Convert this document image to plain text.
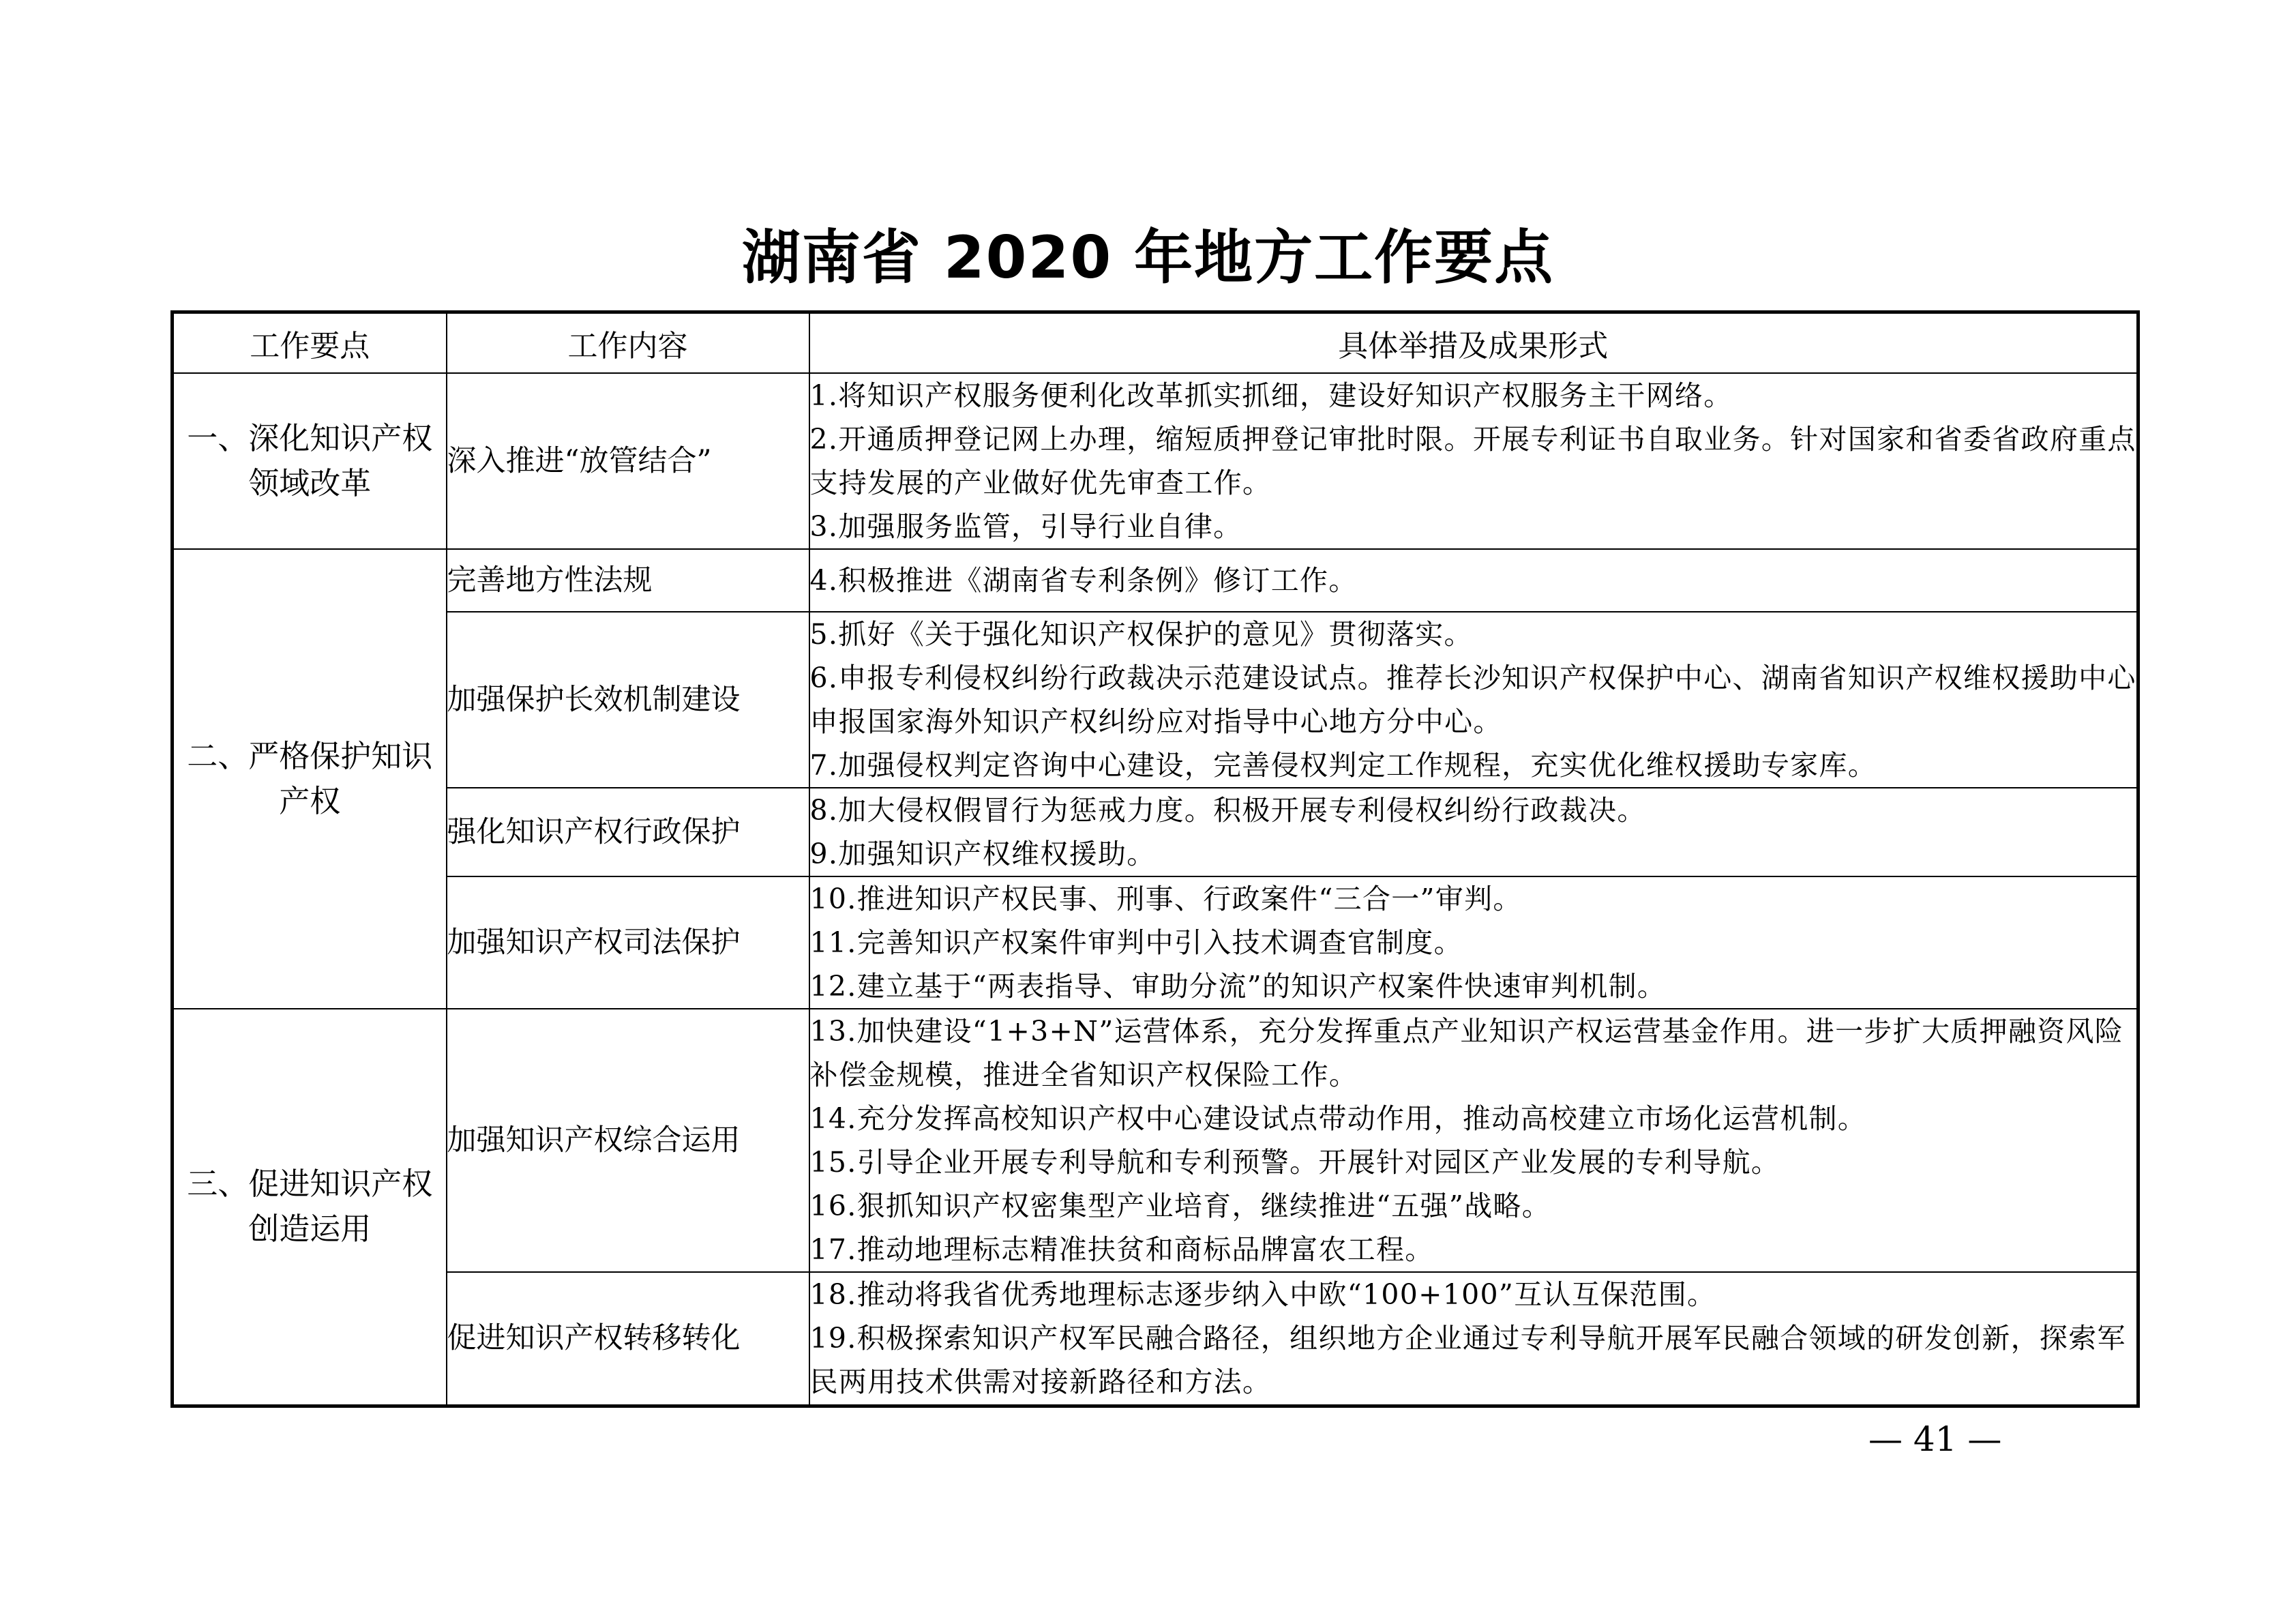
湖南省 2020 年地方工作要点
工作要点	工作内容	具体举措及成果形式
一、深化知识产权领域改革	深入推进“放管结合”	1.将知识产权服务便利化改革抓实抓细，建设好知识产权服务主干网络。
2.开通质押登记网上办理，缩短质押登记审批时限。开展专利证书自取业务。针对国家和省委省政府重点支持发展的产业做好优先审查工作。
3.加强服务监管，引导行业自律。

二、严格保护知识产权	完善地方性法规	4.积极推进《湖南省专利条例》修订工作。

	加强保护长效机制建设	5.抓好《关于强化知识产权保护的意见》贯彻落实。
6.申报专利侵权纠纷行政裁决示范建设试点。推荐长沙知识产权保护中心、湖南省知识产权维权援助中心申报国家海外知识产权纠纷应对指导中心地方分中心。
7.加强侵权判定咨询中心建设，完善侵权判定工作规程，充实优化维权援助专家库。

	强化知识产权行政保护	8.加大侵权假冒行为惩戒力度。积极开展专利侵权纠纷行政裁决。
9.加强知识产权维权援助。

	加强知识产权司法保护	10.推进知识产权民事、刑事、行政案件“三合一”审判。
11.完善知识产权案件审判中引入技术调查官制度。
12.建立基于“两表指导、审助分流”的知识产权案件快速审判机制。

三、促进知识产权创造运用	加强知识产权综合运用	13.加快建设“1+3+N”运营体系，充分发挥重点产业知识产权运营基金作用。进一步扩大质押融资风险补偿金规模，推进全省知识产权保险工作。
14.充分发挥高校知识产权中心建设试点带动作用，推动高校建立市场化运营机制。
15.引导企业开展专利导航和专利预警。开展针对园区产业发展的专利导航。
16.狠抓知识产权密集型产业培育，继续推进“五强”战略。
17.推动地理标志精准扶贫和商标品牌富农工程。

	促进知识产权转移转化	18.推动将我省优秀地理标志逐步纳入中欧“100+100”互认互保范围。
19.积极探索知识产权军民融合路径，组织地方企业通过专利导航开展军民融合领域的研发创新，探索军民两用技术供需对接新路径和方法。
— 41 —
